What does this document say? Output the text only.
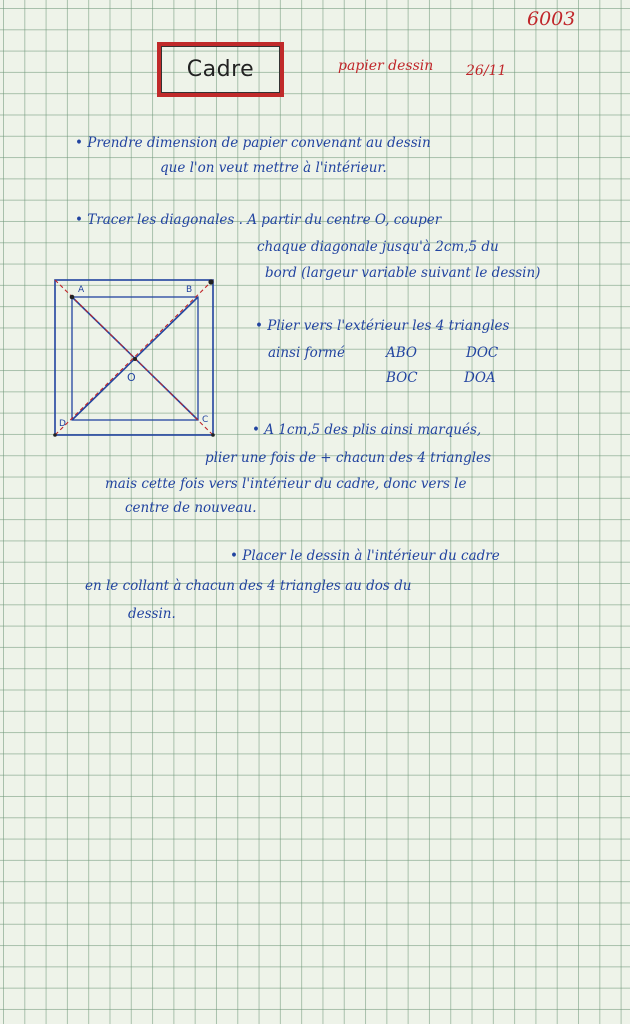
6003
Cadre	papier dessin 26/11
• Prendre dimension de papier convenant au dessin
que l'on veut mettre à l'intérieur.
• Tracer les diagonales . A partir du centre O, couper
chaque diagonale jusqu'à 2cm,5 du
bord (largeur variable suivant le dessin)
• Plier vers l'extérieur les 4 triangles
ainsi formé	ABO	DOC
BOC	DOA
• A 1cm,5 des plis ainsi marqués,
plier une fois de + chacun des 4 triangles
mais cette fois vers l'intérieur du cadre, donc vers le
centre de nouveau.
• Placer le dessin à l'intérieur du cadre
en le collant à chacun des 4 triangles au dos du
dessin.
A	B
C
D
O
